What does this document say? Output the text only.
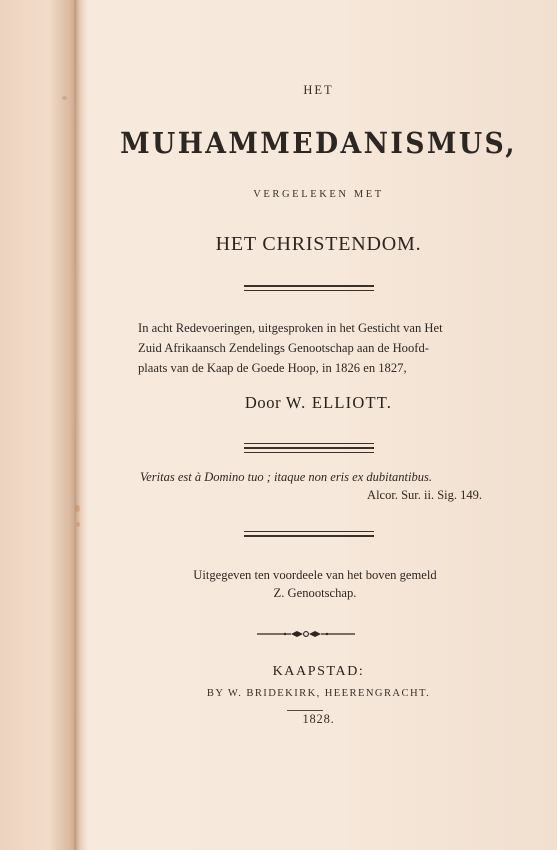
HET
MUHAMMEDANISMUS,
VERGELEKEN MET
HET CHRISTENDOM.
In acht Redevoeringen, uitgesproken in het Gesticht van Het
Zuid Afrikaansch Zendelings Genootschap aan de Hoofd-
plaats van de Kaap de Goede Hoop, in 1826 en 1827,
Door W. ELLIOTT.
Veritas est à Domino tuo ; itaque non eris ex dubitantibus.
Alcor. Sur. ii. Sig. 149.
Uitgegeven ten voordeele van het boven gemeld
Z. Genootschap.
KAAPSTAD:
BY W. BRIDEKIRK, HEERENGRACHT.
1828.
